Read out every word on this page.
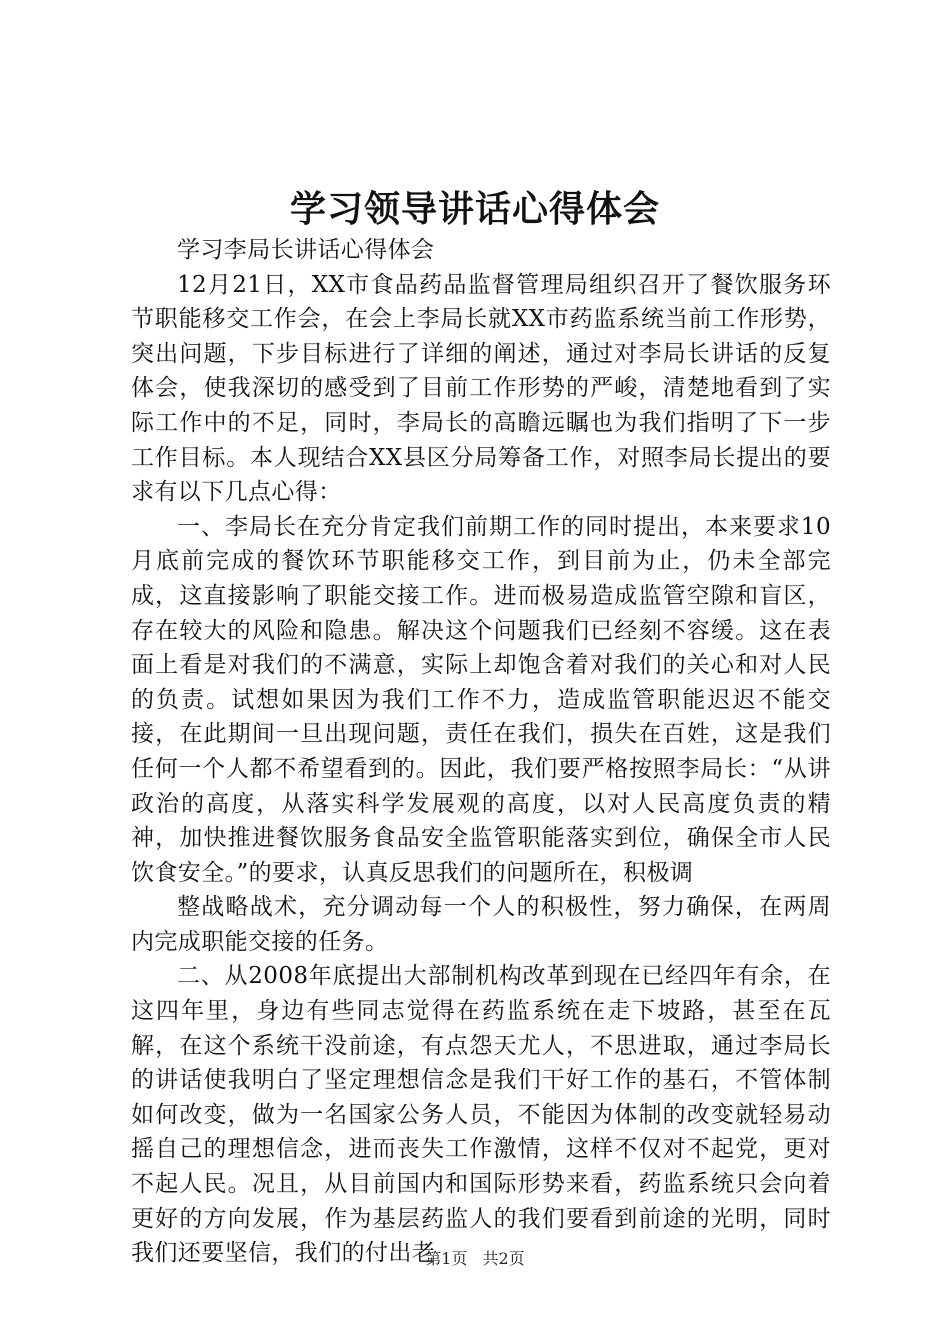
学习领导讲话心得体会

学习李局长讲话心得体会

12月21日，XX市食品药品监督管理局组织召开了餐饮服务环节职能移交工作会，在会上李局长就XX市药监系统当前工作形势，突出问题，下步目标进行了详细的阐述，通过对李局长讲话的反复体会，使我深切的感受到了目前工作形势的严峻，清楚地看到了实际工作中的不足，同时，李局长的高瞻远瞩也为我们指明了下一步工作目标。本人现结合XX县区分局筹备工作，对照李局长提出的要求有以下几点心得：

一、李局长在充分肯定我们前期工作的同时提出，本来要求10月底前完成的餐饮环节职能移交工作，到目前为止，仍未全部完成，这直接影响了职能交接工作。进而极易造成监管空隙和盲区，存在较大的风险和隐患。解决这个问题我们已经刻不容缓。这在表面上看是对我们的不满意，实际上却饱含着对我们的关心和对人民的负责。试想如果因为我们工作不力，造成监管职能迟迟不能交接，在此期间一旦出现问题，责任在我们，损失在百姓，这是我们任何一个人都不希望看到的。因此，我们要严格按照李局长：“从讲政治的高度，从落实科学发展观的高度，以对人民高度负责的精神，加快推进餐饮服务食品安全监管职能落实到位，确保全市人民饮食安全。”的要求，认真反思我们的问题所在，积极调

整战略战术，充分调动每一个人的积极性，努力确保，在两周内完成职能交接的任务。

二、从2008年底提出大部制机构改革到现在已经四年有余，在这四年里，身边有些同志觉得在药监系统在走下坡路，甚至在瓦解，在这个系统干没前途，有点怨天尤人，不思进取，通过李局长的讲话使我明白了坚定理想信念是我们干好工作的基石，不管体制如何改变，做为一名国家公务人员，不能因为体制的改变就轻易动摇自己的理想信念，进而丧失工作激情，这样不仅对不起党，更对不起人民。况且，从目前国内和国际形势来看，药监系统只会向着更好的方向发展，作为基层药监人的我们要看到前途的光明，同时我们还要坚信，我们的付出老

第1页 共2页
